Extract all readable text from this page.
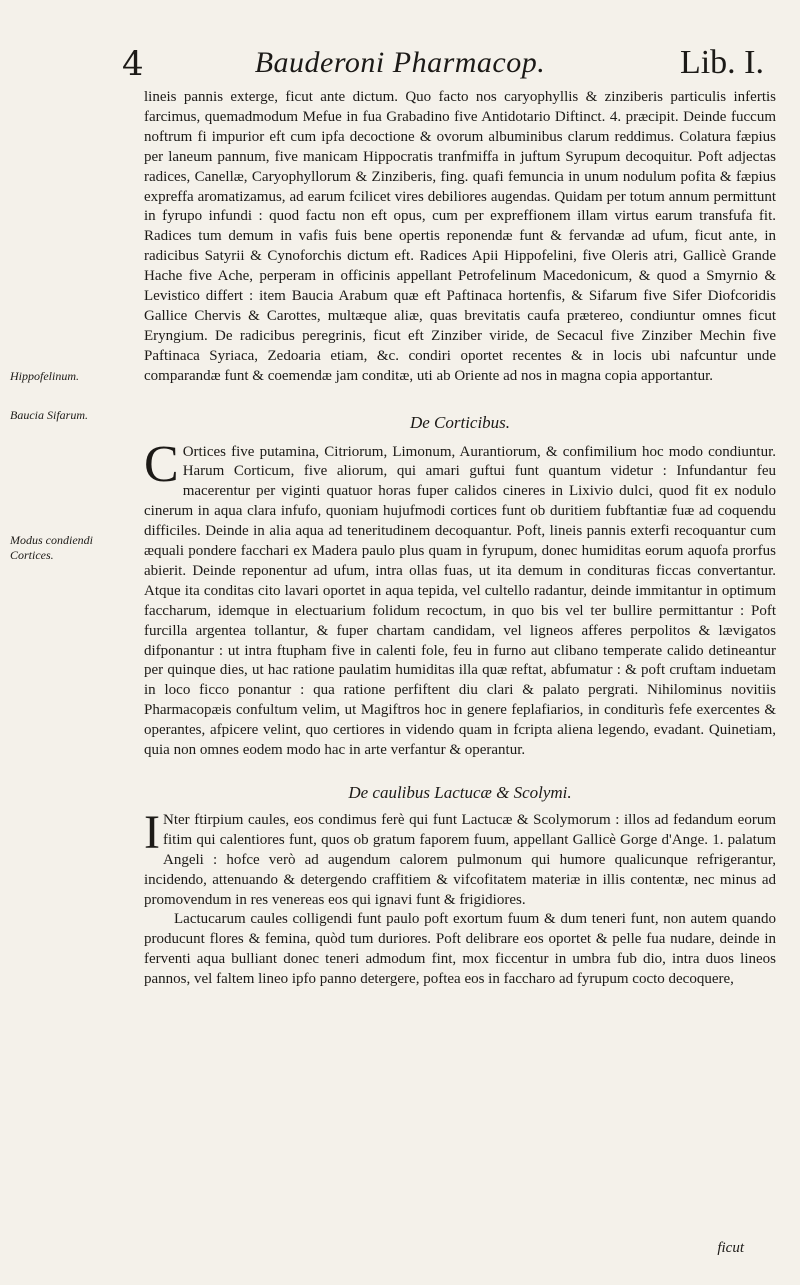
4	Bauderoni Pharmacop.	Lib. I.
Hippofelinum.
Baucia Sifarum.
Modus condiendi Cortices.

lineis pannis exterge, ficut ante dictum. Quo facto nos caryophyllis & zinziberis particulis infertis farcimus, quemadmodum Mefue in fua Grabadino five Antidotario Diftinct. 4. præcipit. Deinde fuccum noftrum fi impurior eft cum ipfa decoctione & ovorum albuminibus clarum reddimus. Colatura fæpius per laneum pannum, five manicam Hippocratis tranfmiffa in juftum Syrupum decoquitur. Poft adjectas radices, Canellæ, Caryophyllorum & Zinziberis, fing. quafi femuncia in unum nodulum pofita & fæpius expreffa aromatizamus, ad earum fcilicet vires debiliores augendas. Quidam per totum annum permittunt in fyrupo infundi : quod factu non eft opus, cum per expreffionem illam virtus earum transfufa fit. Radices tum demum in vafis fuis bene opertis reponendæ funt & fervandæ ad ufum, ficut ante, in radicibus Satyrii & Cynoforchis dictum eft. Radices Apii Hippofelini, five Oleris atri, Gallicè Grande Hache five Ache, perperam in officinis appellant Petrofelinum Macedonicum, & quod a Smyrnio & Levistico differt : item Baucia Arabum quæ eft Paftinaca hortenfis, & Sifarum five Sifer Diofcoridis Gallice Chervis & Carottes, multæque aliæ, quas brevitatis caufa prætereo, condiuntur omnes ficut Eryngium. De radicibus peregrinis, ficut eft Zinziber viride, de Secacul five Zinziber Mechin five Paftinaca Syriaca, Zedoaria etiam, &c. condiri oportet recentes & in locis ubi nafcuntur unde comparandæ funt & coemendæ jam conditæ, uti ab Oriente ad nos in magna copia apportantur.

De Corticibus.

C Ortices five putamina, Citriorum, Limonum, Aurantiorum, & confimilium hoc modo condiuntur. Harum Corticum, five aliorum, qui amari guftui funt quantum videtur : Infundantur feu macerentur per viginti quatuor horas fuper calidos cineres in Lixivio dulci, quod fit ex nodulo cinerum in aqua clara infufo, quoniam hujufmodi cortices funt ob duritiem fubftantiæ fuæ ad coquendu difficiles. Deinde in alia aqua ad teneritudinem decoquantur. Poft, lineis pannis exterfi recoquantur cum æquali pondere facchari ex Madera paulo plus quam in fyrupum, donec humiditas eorum aquofa prorfus abierit. Deinde reponentur ad ufum, intra ollas fuas, ut ita demum in condituras ficcas convertantur. Atque ita conditas cito lavari oportet in aqua tepida, vel cultello radantur, deinde immitantur in optimum faccharum, idemque in electuarium folidum recoctum, in quo bis vel ter bullire permittantur : Poft furcilla argentea tollantur, & fuper chartam candidam, vel ligneos afferes perpolitos & lævigatos difponantur : ut intra ftupham five in calenti fole, feu in furno aut clibano temperate calido detineantur per quinque dies, ut hac ratione paulatim humiditas illa quæ reftat, abfumatur : & poft cruftam induetam in loco ficco ponantur : qua ratione perfiftent diu clari & palato pergrati. Nihilominus novitiis Pharmacopæis confultum velim, ut Magiftros hoc in genere feplafiarios, in conditurìs fefe exercentes & operantes, afpicere velint, quo certiores in videndo quam in fcripta aliena legendo, evadant. Quinetiam, quia non omnes eodem modo hac in arte verfantur & operantur.

De caulibus Lactucæ & Scolymi.

I Nter ftirpium caules, eos condimus ferè qui funt Lactucæ & Scolymorum : illos ad fedandum eorum fitim qui calentiores funt, quos ob gratum faporem fuum, appellant Gallicè Gorge d'Ange. 1. palatum Angeli : hofce verò ad augendum calorem pulmonum qui humore qualicunque refrigerantur, incidendo, attenuando & detergendo craffitiem & vifcofitatem materiæ in illis contentæ, nec minus ad promovendum in res venereas eos qui ignavi funt & frigidiores.

Lactucarum caules colligendi funt paulo poft exortum fuum & dum teneri funt, non autem quando producunt flores & femina, quòd tum duriores. Poft delibrare eos oportet & pelle fua nudare, deinde in ferventi aqua bulliant donec teneri admodum fint, mox ficcentur in umbra fub dio, intra duos lineos pannos, vel faltem lineo ipfo panno detergere, poftea eos in faccharo ad fyrupum cocto decoquere,

ficut
